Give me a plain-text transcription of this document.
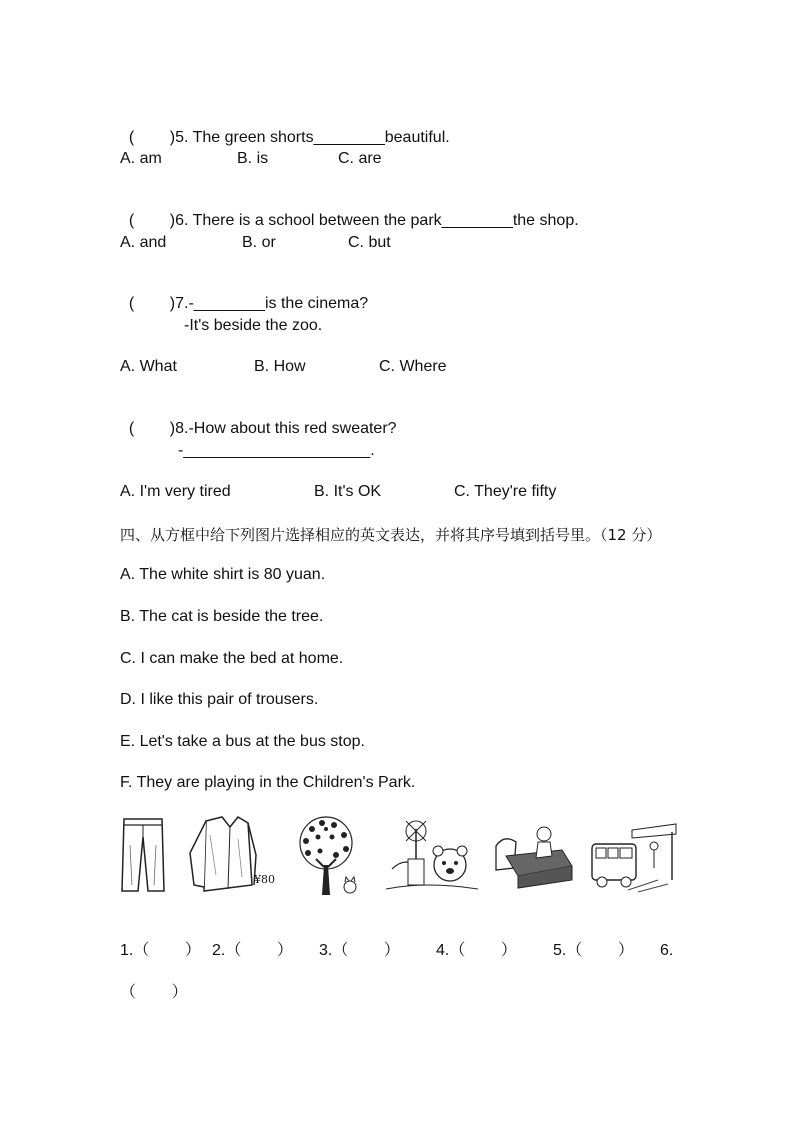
(        )5. The green shorts________beautiful.

A. am	B. is	C. are

(        )6. There is a school between the park________the shop.

A. and	B. or	C. but

(        )7.-________is the cinema?

-It's beside the zoo.
A. What	B. How	C. Where

(        )8.-How about this red sweater?

-_____________________.
A. I'm very tired	B. It's OK	C. They're fifty
四、从方框中给下列图片选择相应的英文表达，并将其序号填到括号里。（12 分）
A. The white shirt is 80 yuan.
B. The cat is beside the tree.
C. I can make the bed at home.
D. I like this pair of trousers.
E. Let's take a bus at the bus stop.
F. They are playing in the Children's Park.
¥80
1.（        ） 2.（        ） 3.（        ） 4.（        ） 5.（        ） 6.
（        ）
